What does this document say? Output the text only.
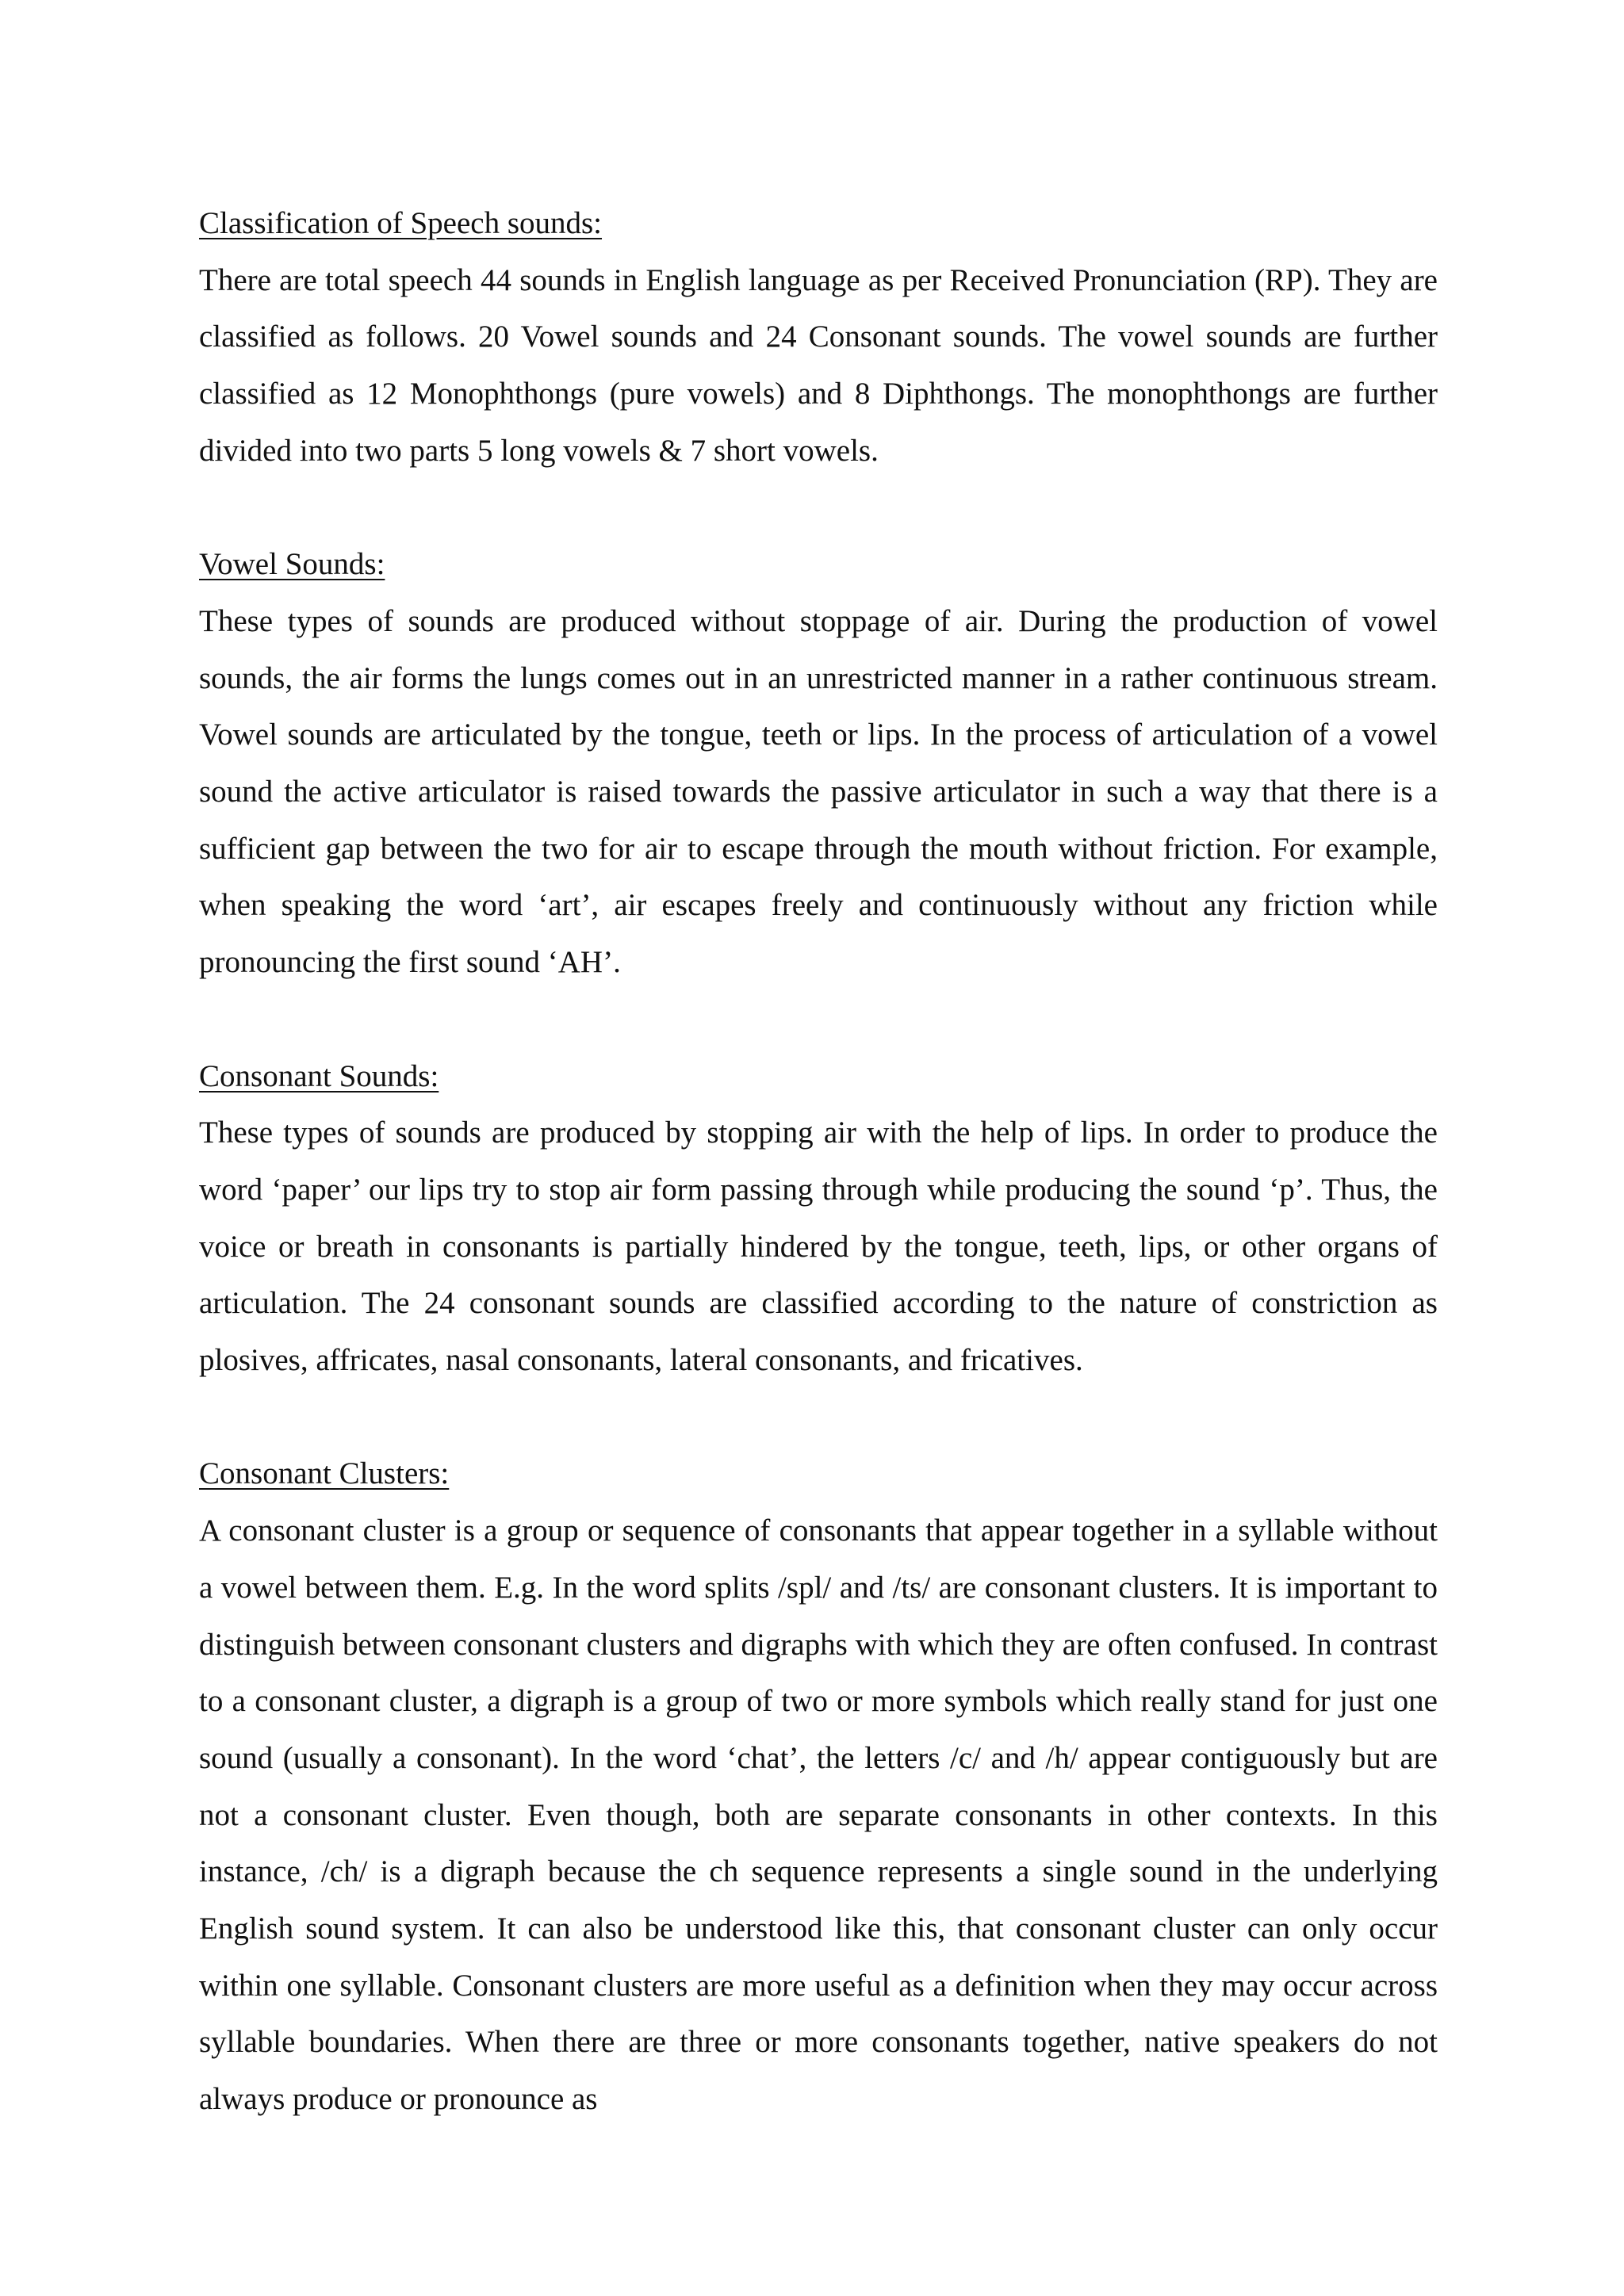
Classification of Speech sounds:

There are total speech 44 sounds in English language as per Received Pronunciation (RP). They are classified as follows. 20 Vowel sounds and 24 Consonant sounds. The vowel sounds are further classified as 12 Monophthongs (pure vowels) and 8 Diphthongs. The monophthongs are further divided into two parts 5 long vowels & 7 short vowels.

Vowel Sounds:

These types of sounds are produced without stoppage of air. During the production of vowel sounds, the air forms the lungs comes out in an unrestricted manner in a rather continuous stream. Vowel sounds are articulated by the tongue, teeth or lips. In the process of articulation of a vowel sound the active articulator is raised towards the passive articulator in such a way that there is a sufficient gap between the two for air to escape through the mouth without friction. For example, when speaking the word ‘art’, air escapes freely and continuously without any friction while pronouncing the first sound ‘AH’.

Consonant Sounds:

These types of sounds are produced by stopping air with the help of lips. In order to produce the word ‘paper’ our lips try to stop air form passing through while producing the sound ‘p’. Thus, the voice or breath in consonants is partially hindered by the tongue, teeth, lips, or other organs of articulation. The 24 consonant sounds are classified according to the nature of constriction as plosives, affricates, nasal consonants, lateral consonants, and fricatives.

Consonant Clusters:

A consonant cluster is a group or sequence of consonants that appear together in a syllable without a vowel between them. E.g. In the word splits /spl/ and /ts/ are consonant clusters. It is important to distinguish between consonant clusters and digraphs with which they are often confused. In contrast to a consonant cluster, a digraph is a group of two or more symbols which really stand for just one sound (usually a consonant). In the word ‘chat’, the letters /c/ and /h/ appear contiguously but are not a consonant cluster. Even though, both are separate consonants in other contexts. In this instance, /ch/ is a digraph because the ch sequence represents a single sound in the underlying English sound system. It can also be understood like this, that consonant cluster can only occur within one syllable. Consonant clusters are more useful as a definition when they may occur across syllable boundaries. When there are three or more consonants together, native speakers do not always produce or pronounce as
